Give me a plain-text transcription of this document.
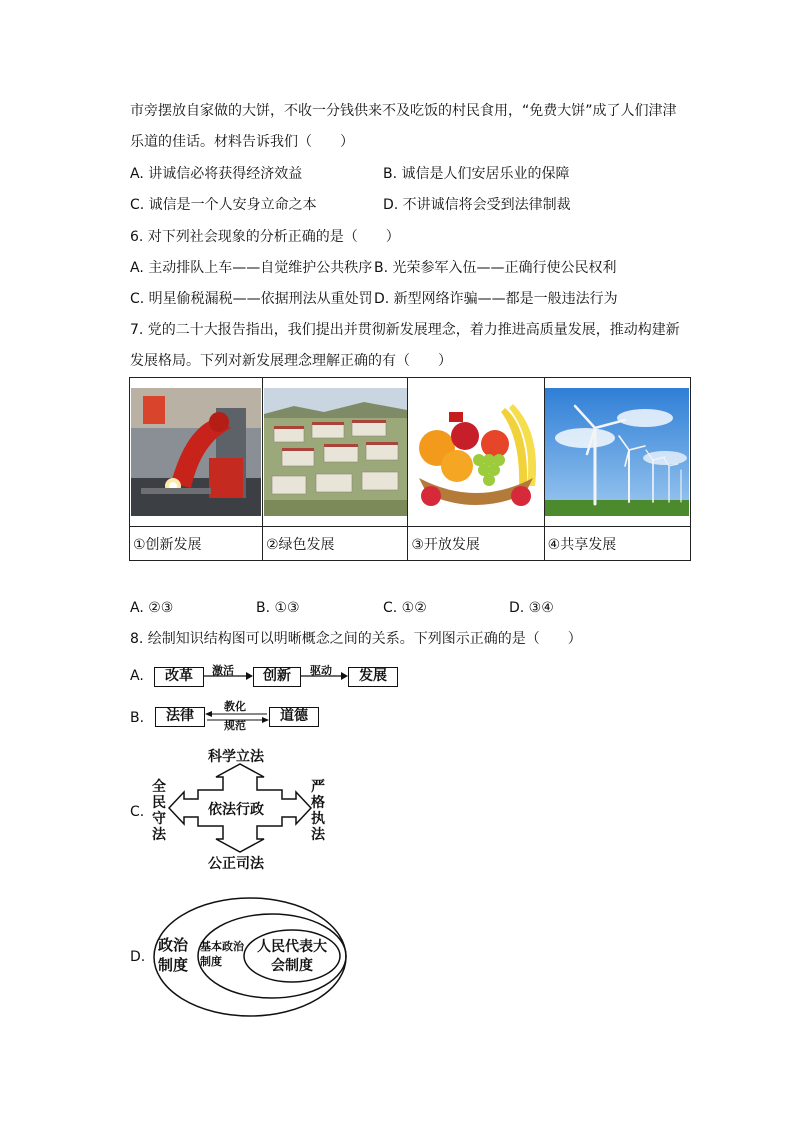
市旁摆放自家做的大饼，不收一分钱供来不及吃饭的村民食用，“免费大饼”成了人们津津
乐道的佳话。材料告诉我们（　　）
A. 讲诚信必将获得经济效益	B. 诚信是人们安居乐业的保障
C. 诚信是一个人安身立命之本	D. 不讲诚信将会受到法律制裁
6. 对下列社会现象的分析正确的是（　　）
A. 主动排队上车——自觉维护公共秩序 B. 光荣参军入伍——正确行使公民权利
C. 明星偷税漏税——依据刑法从重处罚 D. 新型网络诈骗——都是一般违法行为
7. 党的二十大报告指出，我们提出并贯彻新发展理念，着力推进高质量发展，推动构建新
发展格局。下列对新发展理念理解正确的有（　　）

①创新发展	②绿色发展	③开放发展	④共享发展
A. ②③	B. ①③	C. ①②	D. ③④
8. 绘制知识结构图可以明晰概念之间的关系。下列图示正确的是（　　）
A.	改革	激活	创新	驱动	发展
B.	法律
教化
规范
道德
C.	依法行政
科学立法
公正司法
全民守法
严格执法
D.
政治制度
基本政治制度
人民代表大会制度
